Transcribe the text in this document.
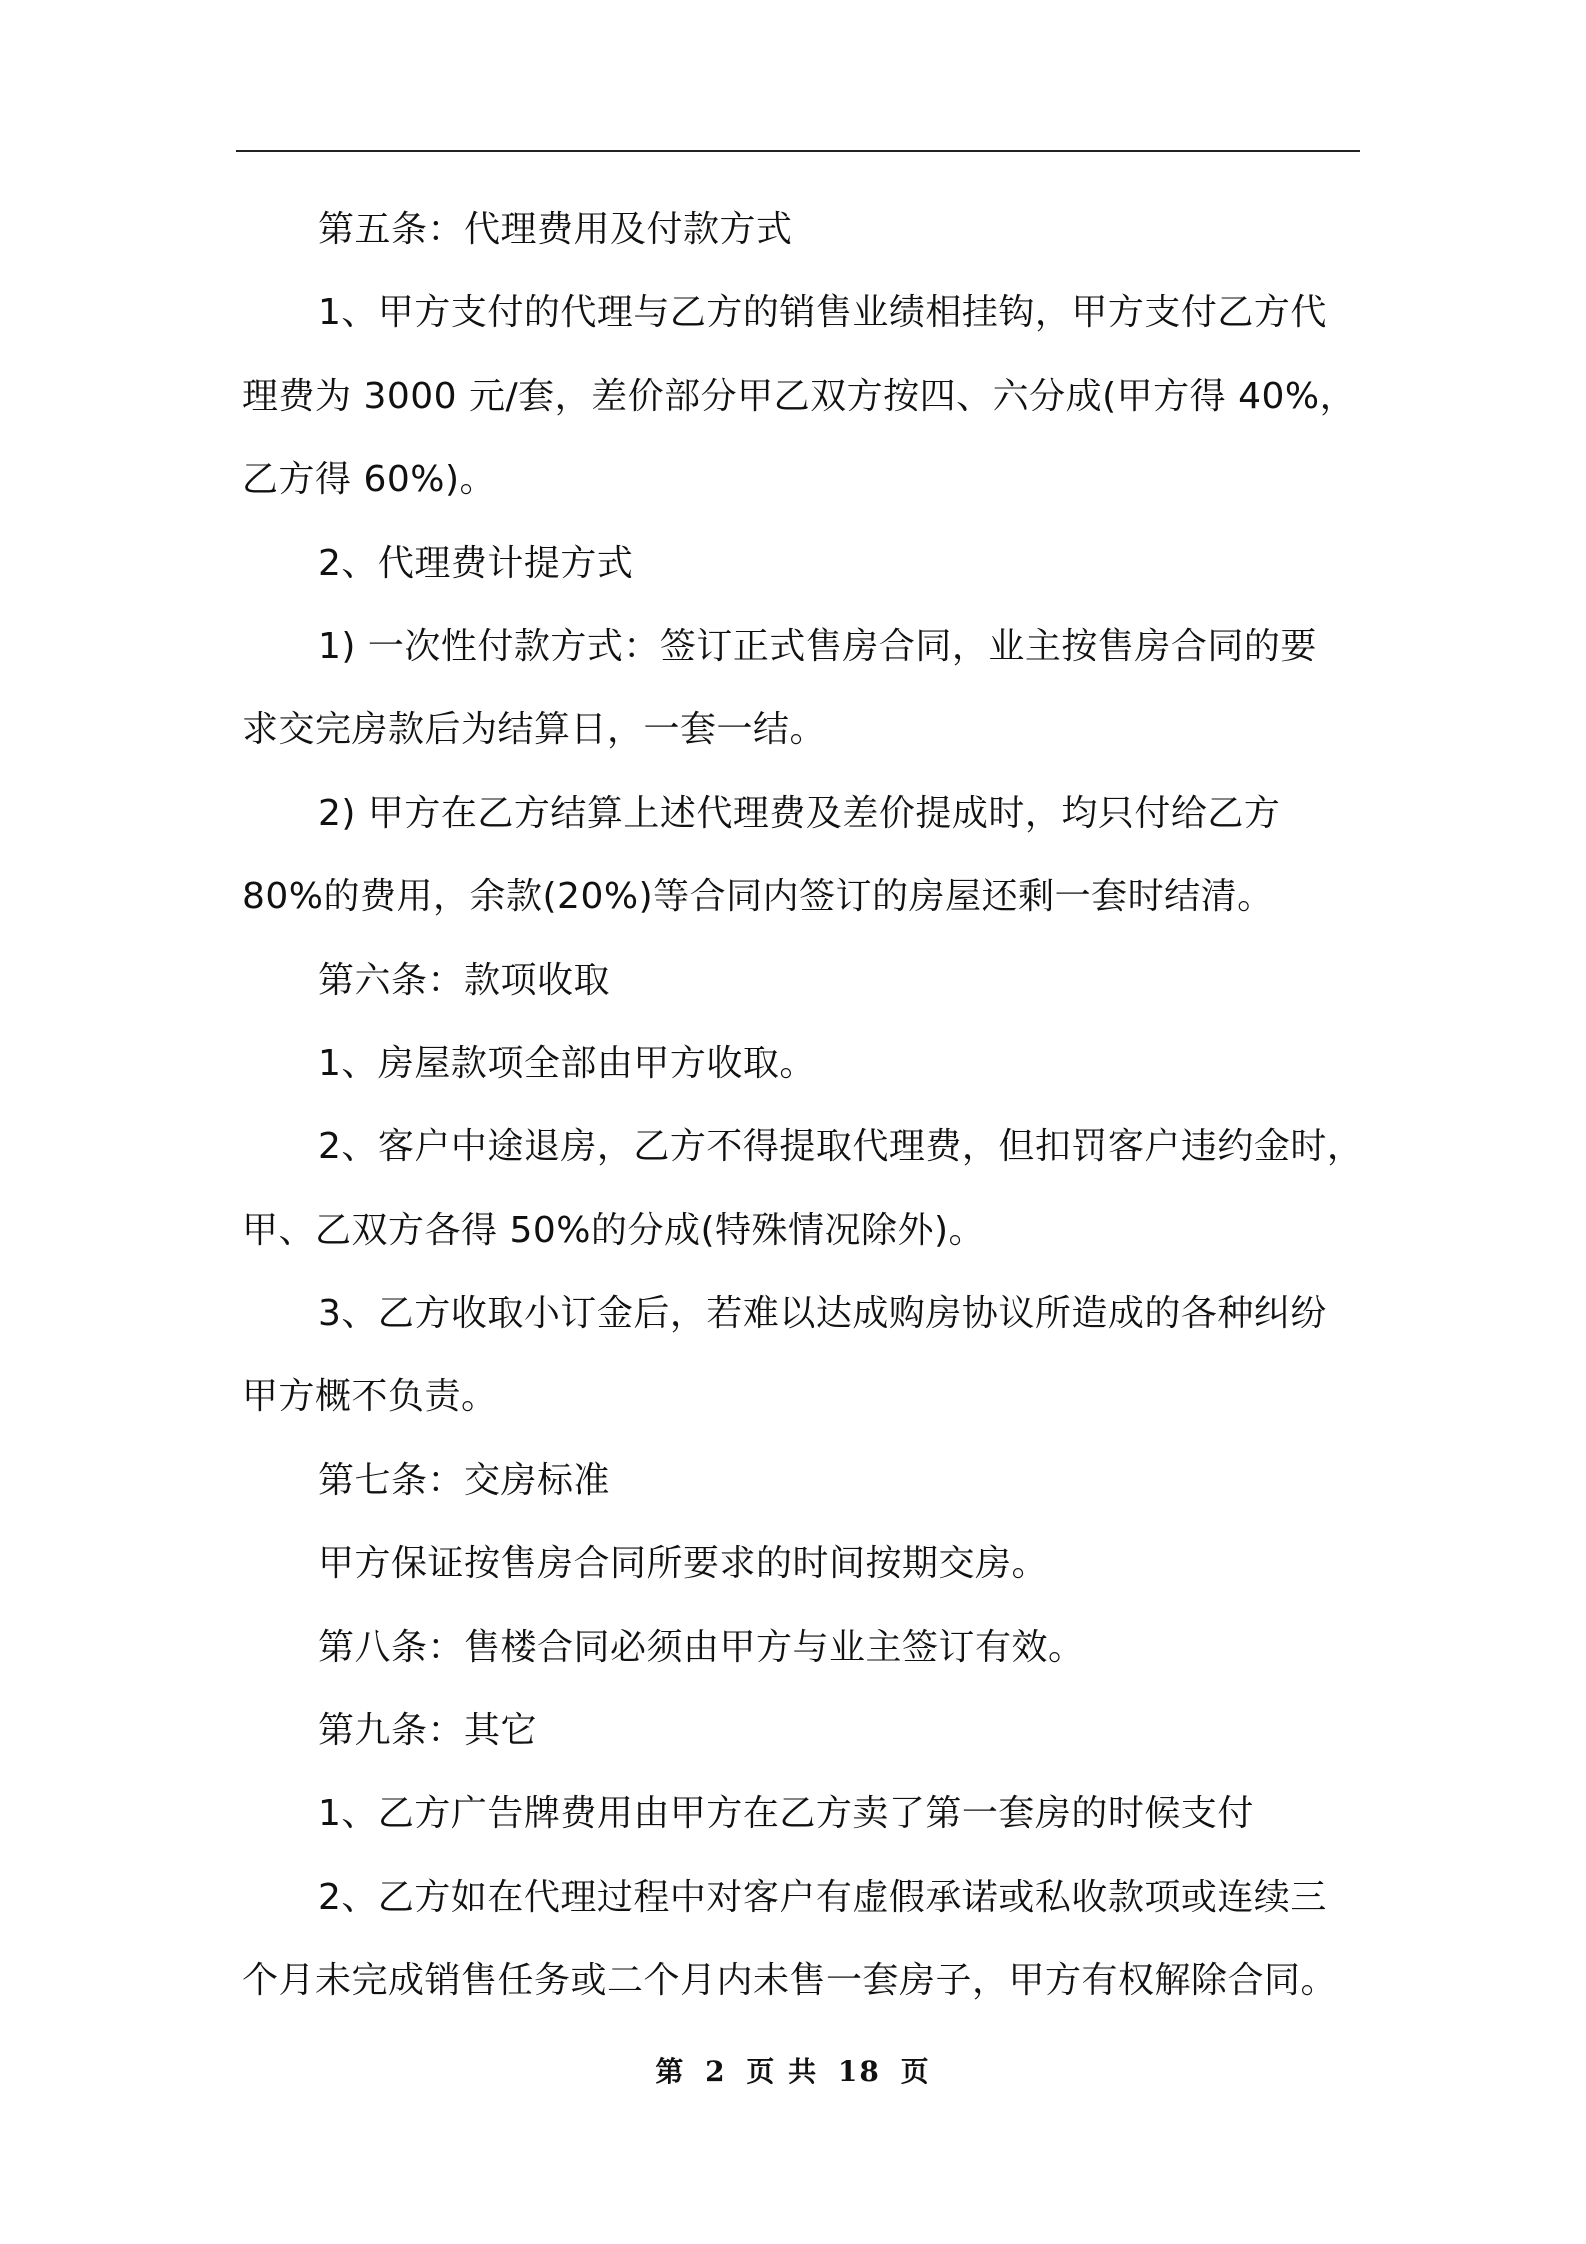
第五条：代理费用及付款方式
1、甲方支付的代理与乙方的销售业绩相挂钩，甲方支付乙方代
理费为 3000 元/套，差价部分甲乙双方按四、六分成(甲方得 40%，
乙方得 60%)。
2、代理费计提方式
1) 一次性付款方式：签订正式售房合同，业主按售房合同的要
求交完房款后为结算日，一套一结。
2) 甲方在乙方结算上述代理费及差价提成时，均只付给乙方
80%的费用，余款(20%)等合同内签订的房屋还剩一套时结清。
第六条：款项收取
1、房屋款项全部由甲方收取。
2、客户中途退房，乙方不得提取代理费，但扣罚客户违约金时，
甲、乙双方各得 50%的分成(特殊情况除外)。
3、乙方收取小订金后，若难以达成购房协议所造成的各种纠纷
甲方概不负责。
第七条：交房标准
甲方保证按售房合同所要求的时间按期交房。
第八条：售楼合同必须由甲方与业主签订有效。
第九条：其它
1、乙方广告牌费用由甲方在乙方卖了第一套房的时候支付
2、乙方如在代理过程中对客户有虚假承诺或私收款项或连续三
个月未完成销售任务或二个月内未售一套房子，甲方有权解除合同。
第 2 页 共 18 页
